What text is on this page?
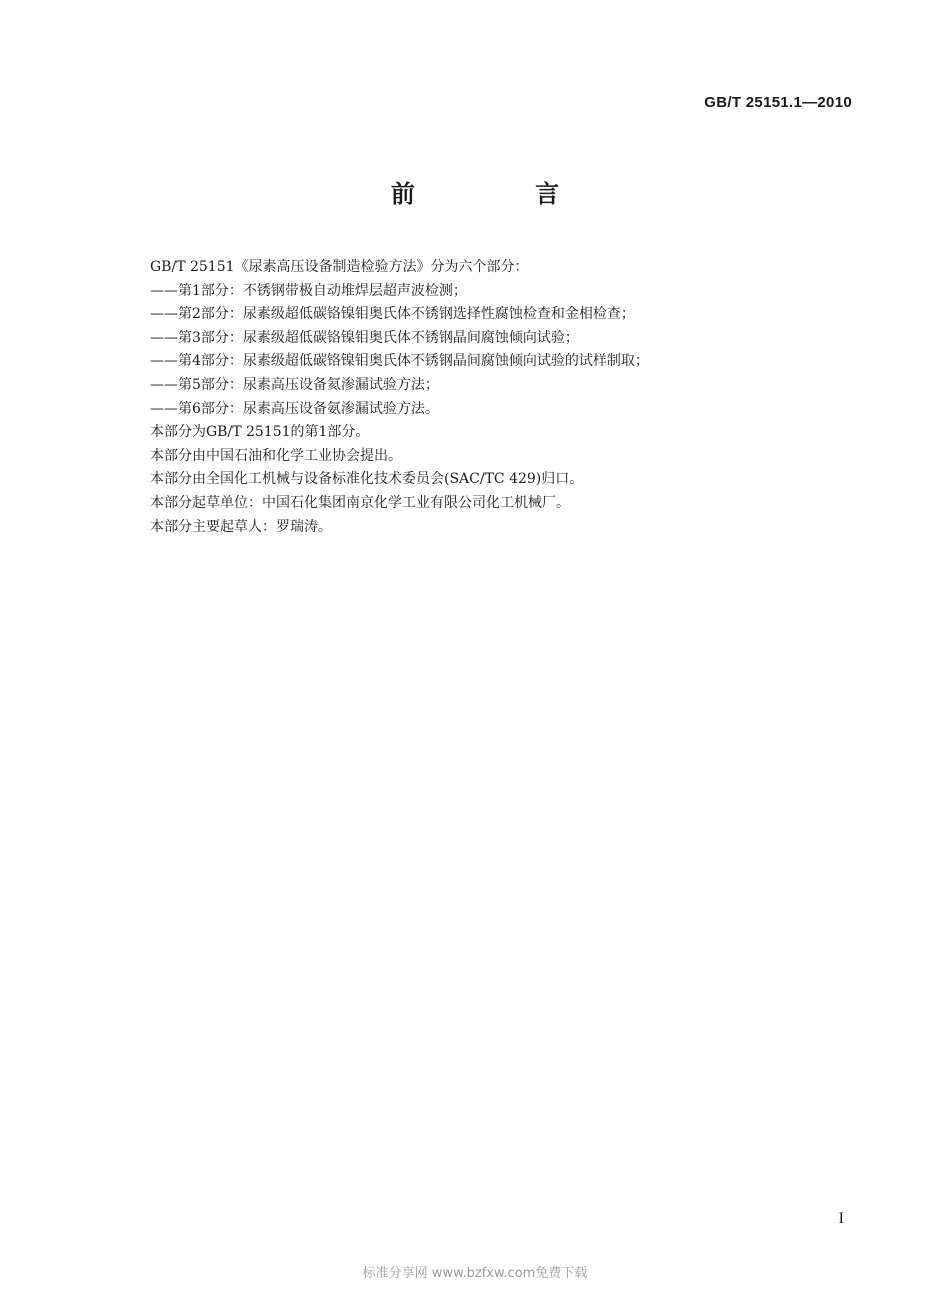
GB/T 25151.1—2010
前 言
GB/T 25151《尿素高压设备制造检验方法》分为六个部分：
——第1部分：不锈钢带极自动堆焊层超声波检测；
——第2部分：尿素级超低碳铬镍钼奥氏体不锈钢选择性腐蚀检查和金相检查；
——第3部分：尿素级超低碳铬镍钼奥氏体不锈钢晶间腐蚀倾向试验；
——第4部分：尿素级超低碳铬镍钼奥氏体不锈钢晶间腐蚀倾向试验的试样制取；
——第5部分：尿素高压设备氦渗漏试验方法；
——第6部分：尿素高压设备氨渗漏试验方法。
本部分为GB/T 25151的第1部分。
本部分由中国石油和化学工业协会提出。
本部分由全国化工机械与设备标准化技术委员会(SAC/TC 429)归口。
本部分起草单位：中国石化集团南京化学工业有限公司化工机械厂。
本部分主要起草人：罗瑞涛。
I
标准分享网 www.bzfxw.com免费下载
